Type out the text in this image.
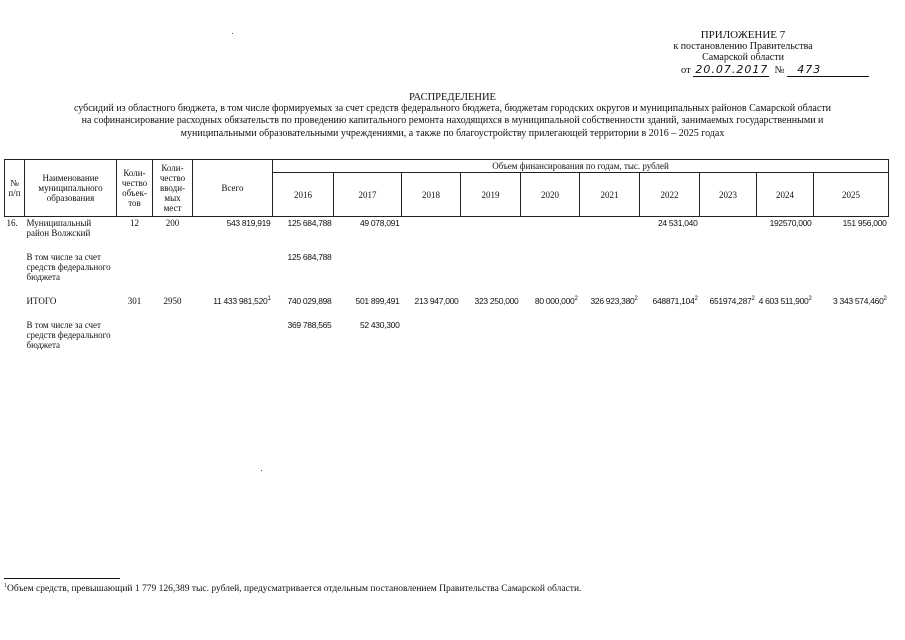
ПРИЛОЖЕНИЕ 7
к постановлению Правительства
Самарской области
от 20.07.2017 № 473
РАСПРЕДЕЛЕНИЕ
субсидий из областного бюджета, в том числе формируемых за счет средств федерального бюджета, бюджетам городских округов и муниципальных районов Самарской области
на софинансирование расходных обязательств по проведению капитального ремонта находящихся в муниципальной собственности зданий, занимаемых государственными и
муниципальными образовательными учреждениями, а также по благоустройству прилегающей территории в 2016 – 2025 годах
№ п/п	Наименование муниципального образования	Коли-чество объек-тов	Коли-чество вводи-мых мест	Всего	Объем финансирования по годам, тыс. рублей									
					2016	2017	2018	2019	2020	2021	2022	2023	2024	2025
16.	Муниципальный район Волжский	12	200	543 819,919	125 684,788	49 078,091					24 531,040		192570,000	151 956,000

	В том числе за счет средств федерального бюджета				125 684,788									

	ИТОГО	301	2950	11 433 981,520$^1$	740 029,898	501 899,491	213 947,000	323 250,000	80 000,000$^2$	326 923,380$^2$	648871,104$^2$	651974,287$^2$	4 603 511,900$^2$	3 343 574,460$^2$

	В том числе за счет средств федерального бюджета				369 788,565	52 430,300								
$^1$Объем средств, превышающий 1 779 126,389 тыс. рублей, предусматривается отдельным постановлением Правительства Самарской области.
